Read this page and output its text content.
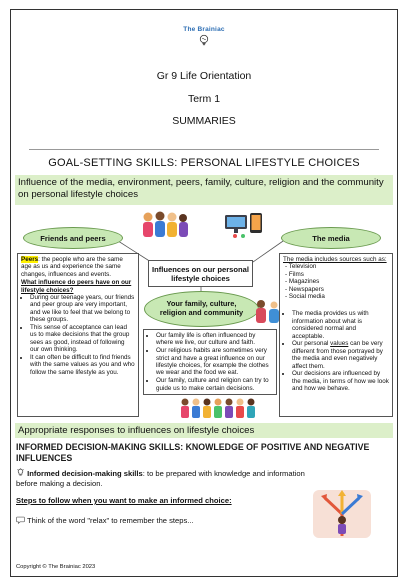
The Brainiac
Gr 9 Life Orientation
Term 1
SUMMARIES
GOAL-SETTING SKILLS: PERSONAL LIFESTYLE CHOICES
Influence of the media, environment, peers, family, culture, religion and the community on personal lifestyle choices
Friends and peers	The media
Influences on our personal lifestyle choices
Your family, culture, religion and community
Peers: the people who are the same age as us and experience the same changes, influences and events.
What influence do peers have on our lifestyle choices?
• During our teenage years, our friends and peer group are very important, and we like to feel that we belong to these groups.
• This sense of acceptance can lead us to make decisions that the group sees as good, instead of following our own thinking.
• It can often be difficult to find friends with the same values as you and who follow the same lifestyle as you.
The media includes sources such as:
- Television
- Films
- Magazines
- Newspapers
- Social media
• The media provides us with information about what is considered normal and acceptable.
• Our personal values can be very different from those portrayed by the media and even negatively affect them.
• Our decisions are influenced by the media, in terms of how we look and how we behave.
• Our family life is often influenced by where we live, our culture and faith.
• Our religious habits are sometimes very strict and have a great influence on our lifestyle choices, for example the clothes we wear and the food we eat.
• Our family, culture and religion can try to guide us to make certain decisions.
Appropriate responses to influences on lifestyle choices
INFORMED DECISION-MAKING SKILLS: KNOWLEDGE OF POSITIVE AND NEGATIVE INFLUENCES
Informed decision-making skills: to be prepared with knowledge and information before making a decision.
Steps to follow when you want to make an informed choice:
Think of the word "relax" to remember the steps...
Copyright © The Brainiac 2023
